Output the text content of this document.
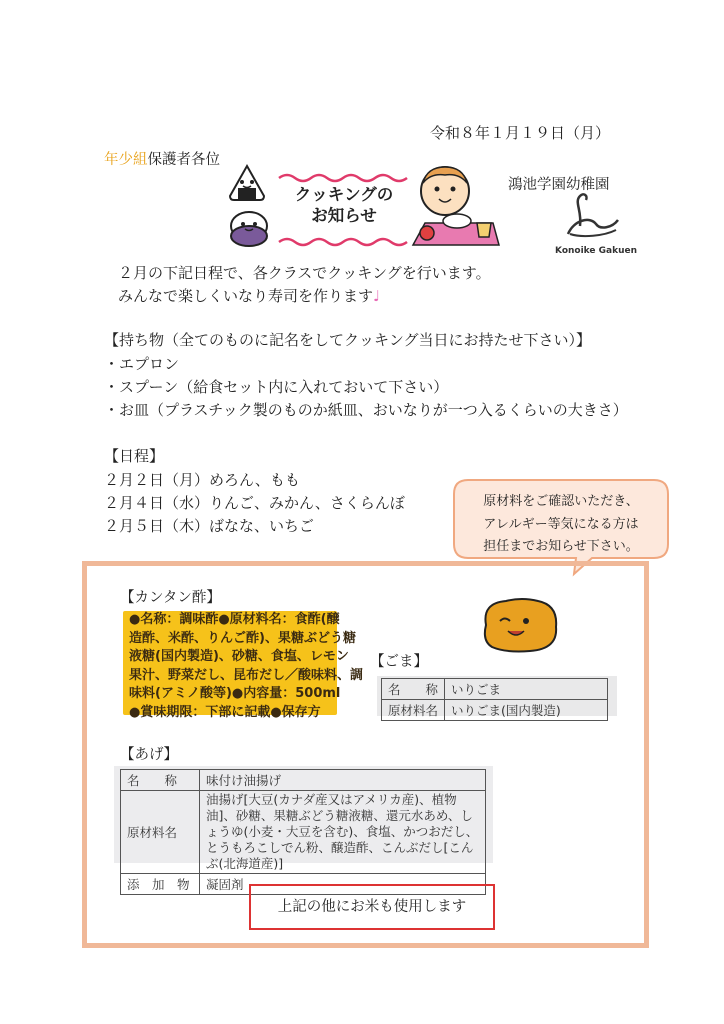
令和８年１月１９日（月）
年少組保護者各位
鴻池学園幼稚園
Konoike Gakuen
クッキングの
お知らせ
２月の下記日程で、各クラスでクッキングを行います。
みんなで楽しくいなり寿司を作ります♩
【持ち物（全てのものに記名をしてクッキング当日にお持たせ下さい）】
・エプロン
・スプーン（給食セット内に入れておいて下さい）
・お皿（プラスチック製のものか紙皿、おいなりが一つ入るくらいの大きさ）
【日程】
２月２日（月）めろん、もも
２月４日（水）りんご、みかん、さくらんぼ
２月５日（木）ばなな、いちご
原材料をご確認いただき、
アレルギー等気になる方は
担任までお知らせ下さい。
【カンタン酢】
●名称：調味酢●原材料名：食酢(醸
造酢、米酢、りんご酢)、果糖ぶどう糖
液糖(国内製造)、砂糖、食塩、レモン
果汁、野菜だし、昆布だし／酸味料、調
味料(アミノ酸等)●内容量：500ml
●賞味期限：下部に記載●保存方
【ごま】
名　　称	いりごま
原材料名	いりごま(国内製造)
【あげ】
名　　称	味付け油揚げ
原材料名	油揚げ[大豆(カナダ産又はアメリカ産)、植物油]、砂糖、果糖ぶどう糖液糖、還元水あめ、しょうゆ(小麦・大豆を含む)、食塩、かつおだし、とうもろこしでん粉、醸造酢、こんぶだし[こんぶ(北海道産)]
添　加　物	凝固剤
上記の他にお米も使用します
